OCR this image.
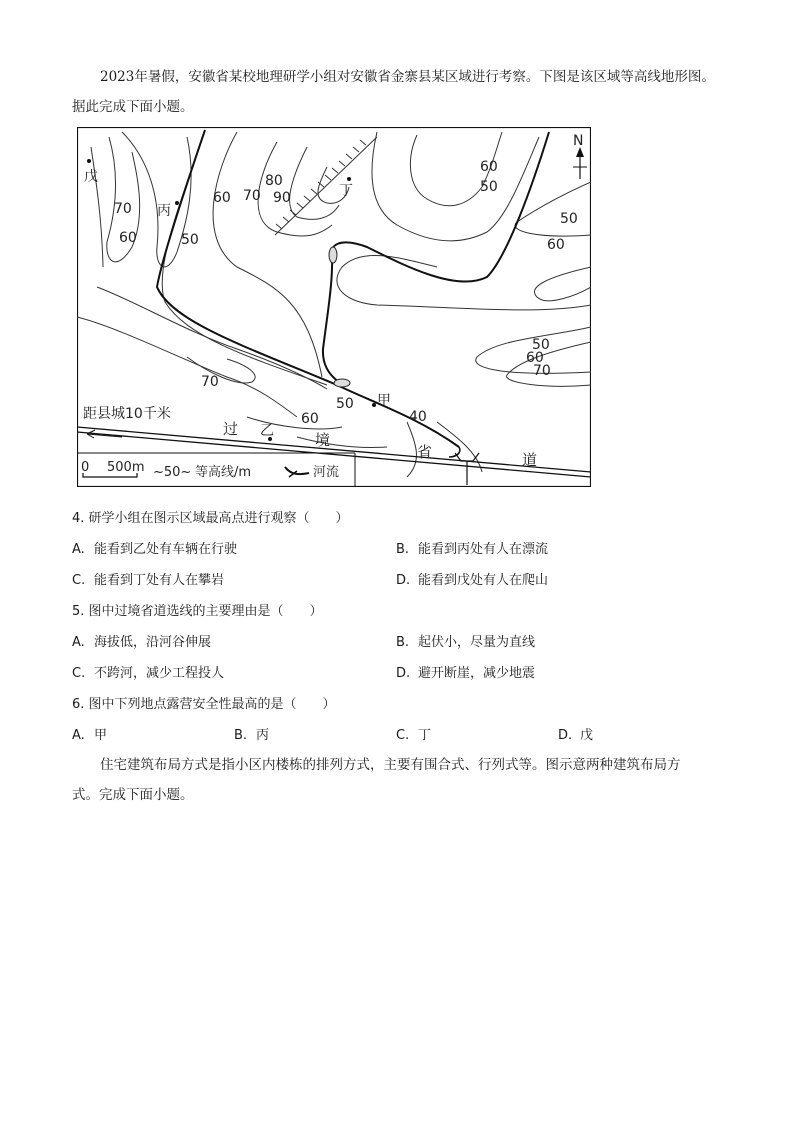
2023年暑假，安徽省某校地理研学小组对安徽省金寨县某区域进行考察。下图是该区域等高线地形图。
据此完成下面小题。

N
戊
丙
丁
甲
乙
70
60	50
60 70
80
90
60
50
50
60
50
60
70
70
60
50
40
距县城10千米
过
境
省	道
0 500m ~50~ 等高线/m	河流

4. 研学小组在图示区域最高点进行观察（　　）

A. 能看到乙处有车辆在行驶	B. 能看到丙处有人在漂流

C. 能看到丁处有人在攀岩	D. 能看到戊处有人在爬山

5. 图中过境省道选线的主要理由是（　　）

A. 海拔低，沿河谷伸展	B. 起伏小，尽量为直线

C. 不跨河，减少工程投人	D. 避开断崖，减少地震

6. 图中下列地点露营安全性最高的是（　　）

A. 甲	B. 丙	C. 丁	D. 戊

住宅建筑布局方式是指小区内楼栋的排列方式，主要有围合式、行列式等。图示意两种建筑布局方
式。完成下面小题。
